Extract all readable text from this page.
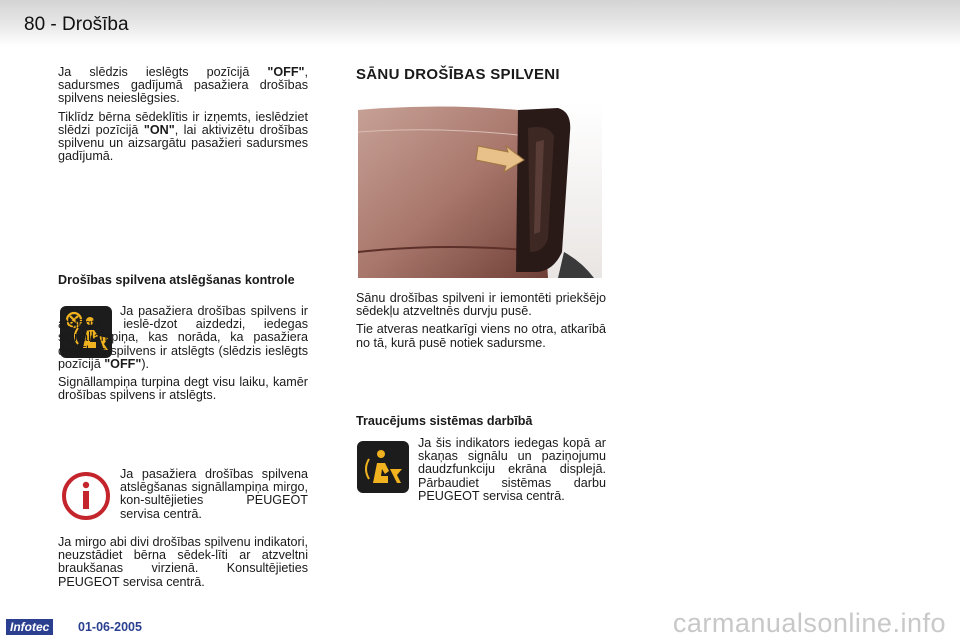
80 - Drošība

Ja slēdzis ieslēgts pozīcijā "OFF", sadursmes gadījumā pasažiera drošības spilvens neieslēgsies.

Tiklīdz bērna sēdeklītis ir izņemts, ieslēdziet slēdzi pozīcijā "ON", lai aktivizētu drošības spilvenu un aizsargātu pasažieri sadursmes gadījumā.

Drošības spilvena atslēgšanas kontrole

Ja pasažiera drošības spilvens ir atslēgts, ieslē-dzot aizdedzi, iedegas signāllampiņa, kas norāda, ka pasažiera drošības spilvens ir atslēgts (slēdzis ieslēgts pozīcijā "OFF").

Signāllampiņa turpina degt visu laiku, kamēr drošības spilvens ir atslēgts.

Ja pasažiera drošības spilvena atslēgšanas signāllampiņa mirgo, kon-sultējieties PEUGEOT servisa centrā.
Ja mirgo abi divi drošības spilvenu indikatori, neuzstādiet bērna sēdek-līti ar atzveltni braukšanas virzienā. Konsultējieties PEUGEOT servisa centrā.
SĀNU DROŠĪBAS SPILVENI

Sānu drošības spilveni ir iemontēti priekšējo sēdekļu atzveltnēs durvju pusē.

Tie atveras neatkarīgi viens no otra, atkarībā no tā, kurā pusē notiek sadursme.

Traucējums sistēmas darbībā
Ja šis indikators iedegas kopā ar skaņas signālu un paziņojumu daudzfunkciju ekrāna displejā. Pārbaudiet sistēmas darbu PEUGEOT servisa centrā.
Infotec	01-06-2005	carmanualsonline.info
